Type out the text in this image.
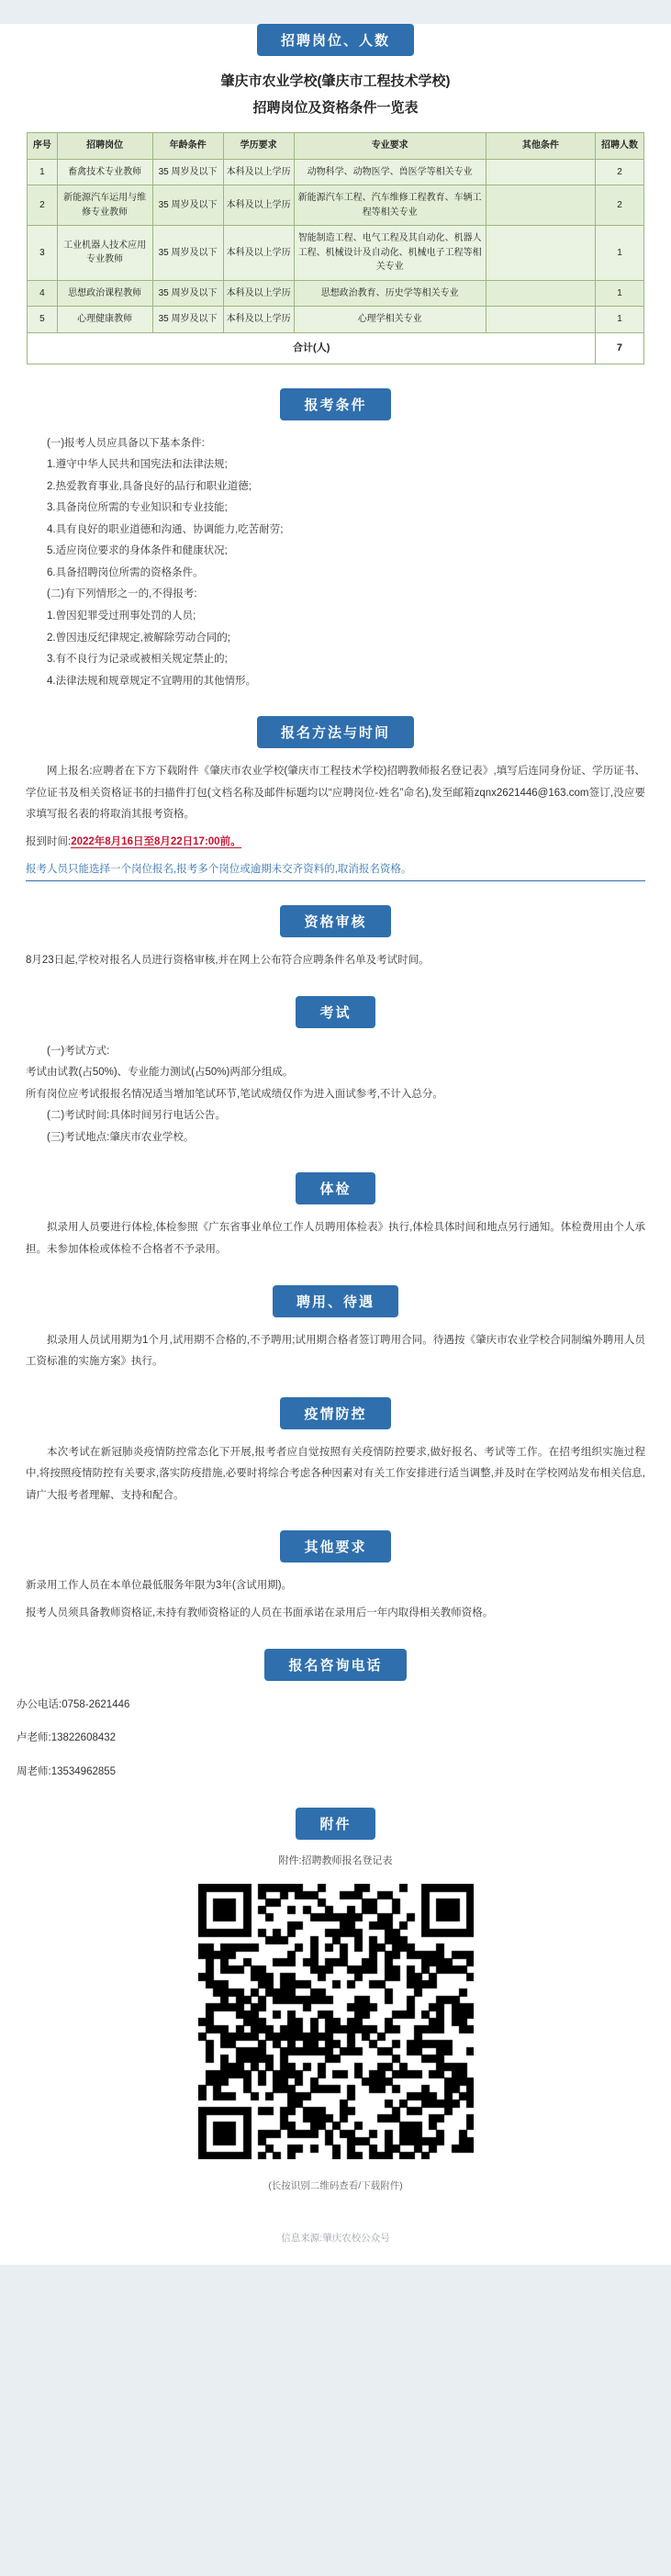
招聘岗位、人数
肇庆市农业学校(肇庆市工程技术学校)
招聘岗位及资格条件一览表
序号	招聘岗位	年龄条件	学历要求	专业要求	其他条件	招聘人数
1	畜禽技术专业教师	35 周岁及以下	本科及以上学历	动物科学、动物医学、兽医学等相关专业		2
2	新能源汽车运用与维修专业教师	35 周岁及以下	本科及以上学历	新能源汽车工程、汽车维修工程教育、车辆工程等相关专业		2
3	工业机器人技术应用专业教师	35 周岁及以下	本科及以上学历	智能制造工程、电气工程及其自动化、机器人工程、机械设计及自动化、机械电子工程等相关专业		1
4	思想政治课程教师	35 周岁及以下	本科及以上学历	思想政治教育、历史学等相关专业		1
5	心理健康教师	35 周岁及以下	本科及以上学历	心理学相关专业		1
合计(人)						7
报考条件

(一)报考人员应具备以下基本条件:

1.遵守中华人民共和国宪法和法律法规;

2.热爱教育事业,具备良好的品行和职业道德;

3.具备岗位所需的专业知识和专业技能;

4.具有良好的职业道德和沟通、协调能力,吃苦耐劳;

5.适应岗位要求的身体条件和健康状况;

6.具备招聘岗位所需的资格条件。

(二)有下列情形之一的,不得报考:

1.曾因犯罪受过刑事处罚的人员;

2.曾因违反纪律规定,被解除劳动合同的;

3.有不良行为记录或被相关规定禁止的;

4.法律法规和规章规定不宜聘用的其他情形。

报名方法与时间

网上报名:应聘者在下方下载附件《肇庆市农业学校(肇庆市工程技术学校)招聘教师报名登记表》,填写后连同身份证、学历证书、学位证书及相关资格证书的扫描件打包(文档名称及邮件标题均以“应聘岗位-姓名”命名),发至邮箱zqnx2621446@163.com签订,没应要求填写报名表的将取消其报考资格。

报到时间:2022年8月16日至8月22日17:00前。

报考人员只能选择一个岗位报名,报考多个岗位或逾期未交齐资料的,取消报名资格。

资格审核

8月23日起,学校对报名人员进行资格审核,并在网上公布符合应聘条件名单及考试时间。

考试

(一)考试方式:

考试由试教(占50%)、专业能力测试(占50%)两部分组成。

所有岗位应考试报报名情况适当增加笔试环节,笔试成绩仅作为进入面试参考,不计入总分。

(二)考试时间:具体时间另行电话公告。

(三)考试地点:肇庆市农业学校。

体检

拟录用人员要进行体检,体检参照《广东省事业单位工作人员聘用体检表》执行,体检具体时间和地点另行通知。体检费用由个人承担。未参加体检或体检不合格者不予录用。

聘用、待遇

拟录用人员试用期为1个月,试用期不合格的,不予聘用;试用期合格者签订聘用合同。待遇按《肇庆市农业学校合同制编外聘用人员工资标准的实施方案》执行。

疫情防控

本次考试在新冠肺炎疫情防控常态化下开展,报考者应自觉按照有关疫情防控要求,做好报名、考试等工作。在招考组织实施过程中,将按照疫情防控有关要求,落实防疫措施,必要时将综合考虑各种因素对有关工作安排进行适当调整,并及时在学校网站发布相关信息,请广大报考者理解、支持和配合。

其他要求

新录用工作人员在本单位最低服务年限为3年(含试用期)。

报考人员须具备教师资格证,未持有教师资格证的人员在书面承诺在录用后一年内取得相关教师资格。

报名咨询电话

办公电话:0758-2621446

卢老师:13822608432

周老师:13534962855

附件
附件:招聘教师报名登记表
(长按识别二维码查看/下载附件)
信息来源:肇庆农校公众号
